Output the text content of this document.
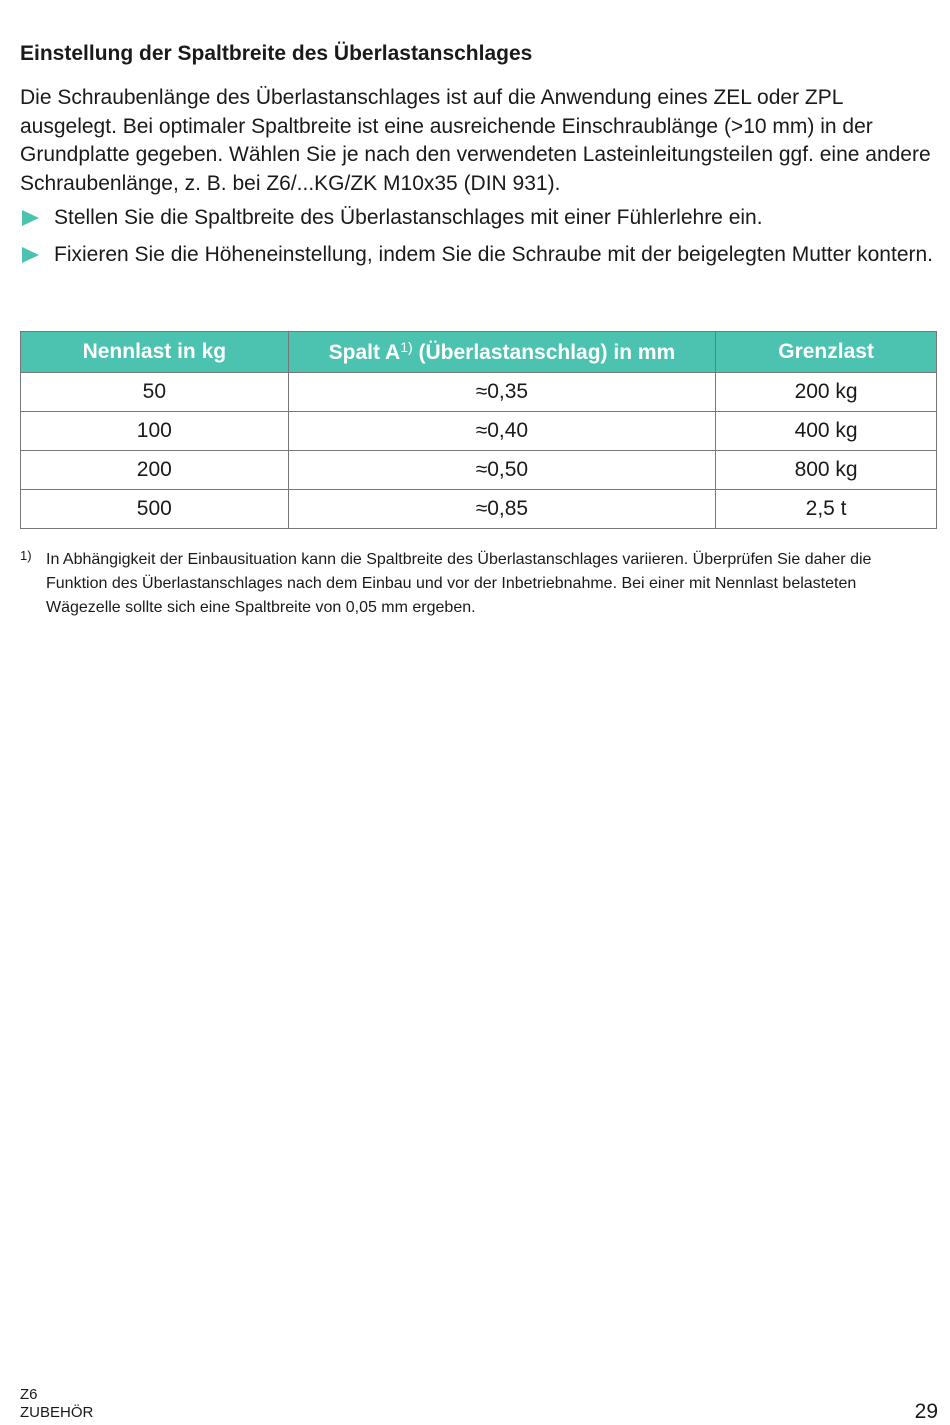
Einstellung der Spaltbreite des Überlastanschlages

Die Schraubenlänge des Überlastanschlages ist auf die Anwendung eines ZEL oder ZPL ausgelegt. Bei optimaler Spaltbreite ist eine ausreichende Einschraublänge (>10 mm) in der Grundplatte gegeben. Wählen Sie je nach den verwendeten Lasteinleitungsteilen ggf. eine andere Schraubenlänge, z. B. bei Z6/...KG/ZK M10x35 (DIN 931).

Stellen Sie die Spaltbreite des Überlastanschlages mit einer Fühlerlehre ein.
Fixieren Sie die Höheneinstellung, indem Sie die Schraube mit der beigelegten Mutter kontern.
Nennlast in kg	Spalt $A^{1)}$ (Überlastanschlag) in mm	Grenzlast
50	≈0,35	200 kg
100	≈0,40	400 kg
200	≈0,50	800 kg
500	≈0,85	2,5 t
1) In Abhängigkeit der Einbausituation kann die Spaltbreite des Überlastanschlages variieren. Überprüfen Sie daher die Funktion des Überlastanschlages nach dem Einbau und vor der Inbetriebnahme. Bei einer mit Nennlast belasteten Wägezelle sollte sich eine Spaltbreite von 0,05 mm ergeben.
Z6
ZUBEHÖR	29
